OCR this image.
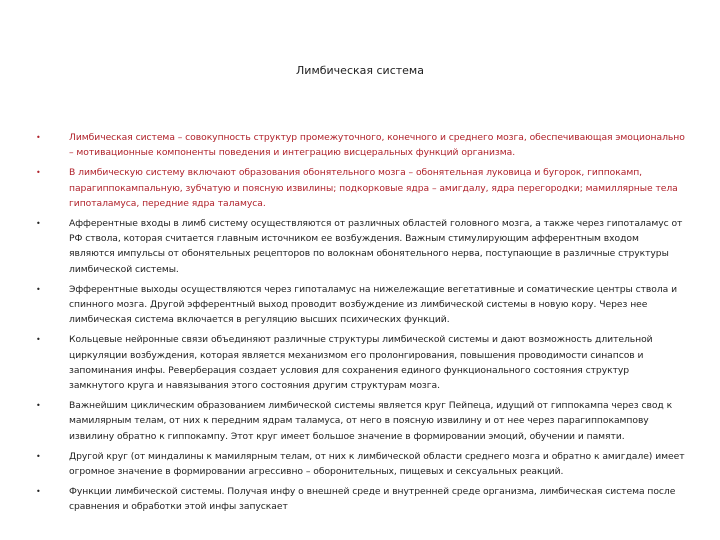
Лимбическая система
•	Лимбическая система – совокупность структур промежуточного, конечного и среднего мозга, обеспечивающая эмоционально – мотивационные компоненты поведения и интеграцию висцеральных функций организма.
•	В лимбическую систему включают образования обонятельного мозга – обонятельная луковица и бугорок, гиппокамп, парагиппокампальную, зубчатую и поясную извилины; подкорковые ядра – амигдалу, ядра перегородки; мамиллярные тела гипоталамуса, передние ядра таламуса.
•	Афферентные входы в лимб систему осуществляются от различных областей головного мозга, а также через гипоталамус от РФ ствола, которая считается главным источником ее возбуждения. Важным стимулирующим афферентным входом являются импульсы от обонятельных рецепторов по волокнам обонятельного нерва, поступающие в различные структуры лимбической системы.
•	Эфферентные выходы осуществляются через гипоталамус на нижележащие вегетативные и соматические центры ствола и спинного мозга. Другой эфферентный выход проводит возбуждение из лимбической системы в новую кору. Через нее лимбическая система включается в регуляцию высших психических функций.
•	Кольцевые нейронные связи объединяют различные структуры лимбической системы и дают возможность длительной циркуляции возбуждения, которая является механизмом его пролонгирования, повышения проводимости синапсов и запоминания инфы. Реверберация создает условия для сохранения единого функционального состояния структур замкнутого круга и навязывания этого состояния другим структурам мозга.
•	Важнейшим циклическим образованием лимбической системы является круг Пейпеца, идущий от гиппокампа через свод к мамилярным телам, от них к передним ядрам таламуса, от него в поясную извилину и от нее через парагиппокампову извилину обратно к гиппокампу. Этот круг имеет большое значение в формировании эмоций, обучении и памяти.
•	Другой круг (от миндалины к мамилярным телам, от них к лимбической области среднего мозга и обратно к амигдале) имеет огромное значение в формировании агрессивно – оборонительных, пищевых и сексуальных реакций.
•	Функции лимбической системы. Получая инфу о внешней среде и внутренней среде организма, лимбическая система после сравнения и обработки этой инфы запускает
